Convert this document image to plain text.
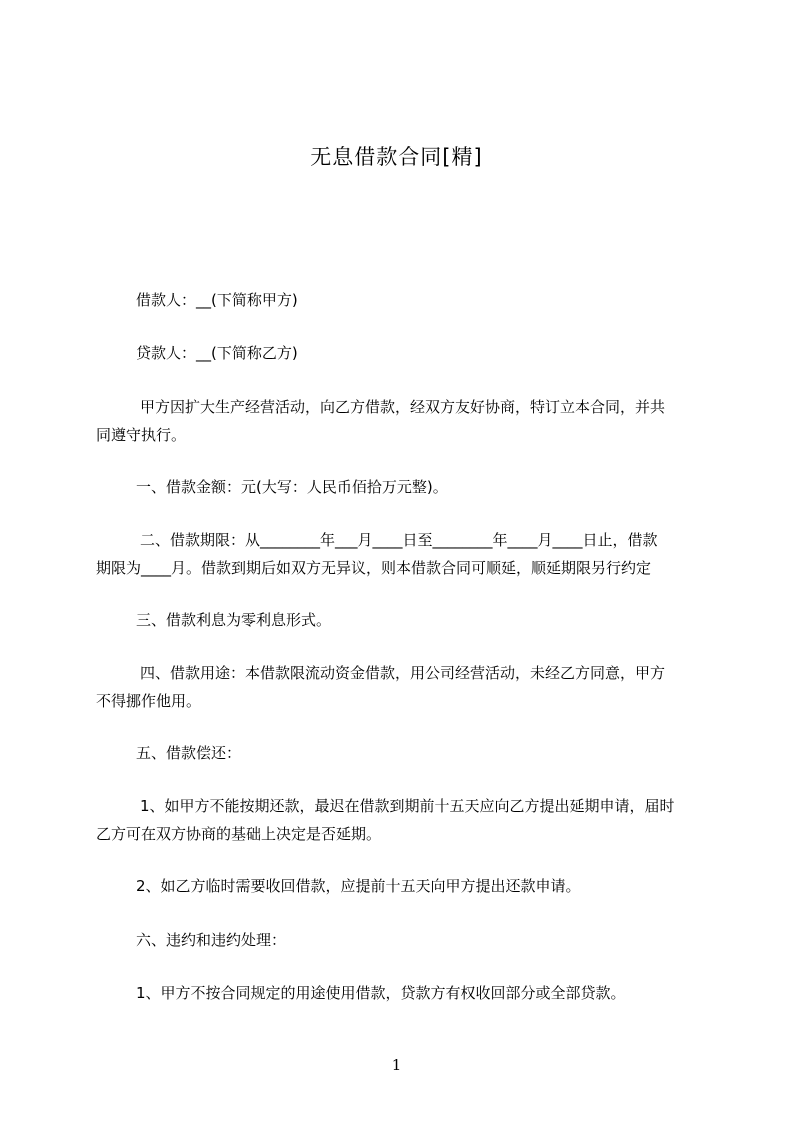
无息借款合同[精]
借款人：__(下简称甲方)
贷款人：__(下简称乙方)
甲方因扩大生产经营活动，向乙方借款，经双方友好协商，特订立本合同，并共
同遵守执行。
一、借款金额：元(大写：人民币佰拾万元整)。
二、借款期限：从________年___月____日至________年____月____日止，借款
期限为____月。借款到期后如双方无异议，则本借款合同可顺延，顺延期限另行约定
三、借款利息为零利息形式。
四、借款用途：本借款限流动资金借款，用公司经营活动，未经乙方同意，甲方
不得挪作他用。
五、借款偿还：
1、如甲方不能按期还款，最迟在借款到期前十五天应向乙方提出延期申请，届时
乙方可在双方协商的基础上决定是否延期。
2、如乙方临时需要收回借款，应提前十五天向甲方提出还款申请。
六、违约和违约处理：
1、甲方不按合同规定的用途使用借款，贷款方有权收回部分或全部贷款。
1
